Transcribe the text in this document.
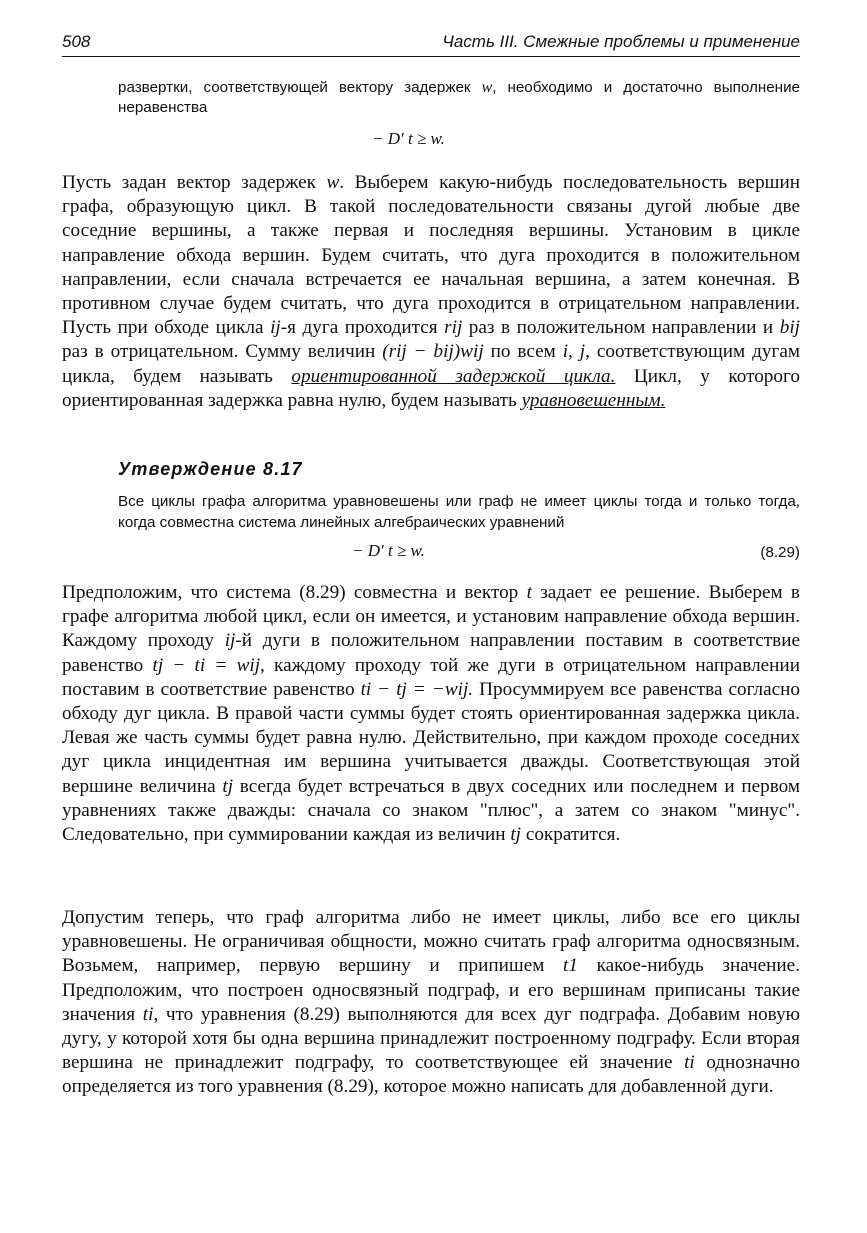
508	Часть III. Смежные проблемы и применение
развертки, соответствующей вектору задержек w, необходимо и достаточно выполнение неравенства
− D′ t ≥ w.

Пусть задан вектор задержек w. Выберем какую-нибудь последовательность вершин графа, образующую цикл. В такой последовательности связаны дугой любые две соседние вершины, а также первая и последняя вершины. Установим в цикле направление обхода вершин. Будем считать, что дуга проходится в положительном направлении, если сначала встречается ее начальная вершина, а затем конечная. В противном случае будем считать, что дуга проходится в отрицательном направлении. Пусть при обходе цикла ij-я дуга проходится rij раз в положительном направлении и bij раз в отрицательном. Сумму величин (rij − bij)wij по всем i, j, соответствующим дугам цикла, будем называть ориентированной задержкой цикла. Цикл, у которого ориентированная задержка равна нулю, будем называть уравновешенным.

Утверждение 8.17
Все циклы графа алгоритма уравновешены или граф не имеет циклы тогда и только тогда, когда совместна система линейных алгебраических уравнений
− D′ t ≥ w.	(8.29)

Предположим, что система (8.29) совместна и вектор t задает ее решение. Выберем в графе алгоритма любой цикл, если он имеется, и установим направление обхода вершин. Каждому проходу ij-й дуги в положительном направлении поставим в соответствие равенство tj − ti = wij, каждому проходу той же дуги в отрицательном направлении поставим в соответствие равенство ti − tj = −wij. Просуммируем все равенства согласно обходу дуг цикла. В правой части суммы будет стоять ориентированная задержка цикла. Левая же часть суммы будет равна нулю. Действительно, при каждом проходе соседних дуг цикла инцидентная им вершина учитывается дважды. Соответствующая этой вершине величина tj всегда будет встречаться в двух соседних или последнем и первом уравнениях также дважды: сначала со знаком "плюс", а затем со знаком "минус". Следовательно, при суммировании каждая из величин tj сократится.

Допустим теперь, что граф алгоритма либо не имеет циклы, либо все его циклы уравновешены. Не ограничивая общности, можно считать граф алгоритма односвязным. Возьмем, например, первую вершину и припишем t1 какое-нибудь значение. Предположим, что построен односвязный подграф, и его вершинам приписаны такие значения ti, что уравнения (8.29) выполняются для всех дуг подграфа. Добавим новую дугу, у которой хотя бы одна вершина принадлежит построенному подграфу. Если вторая вершина не принадлежит подграфу, то соответствующее ей значение ti однозначно определяется из того уравнения (8.29), которое можно написать для добавленной дуги.
